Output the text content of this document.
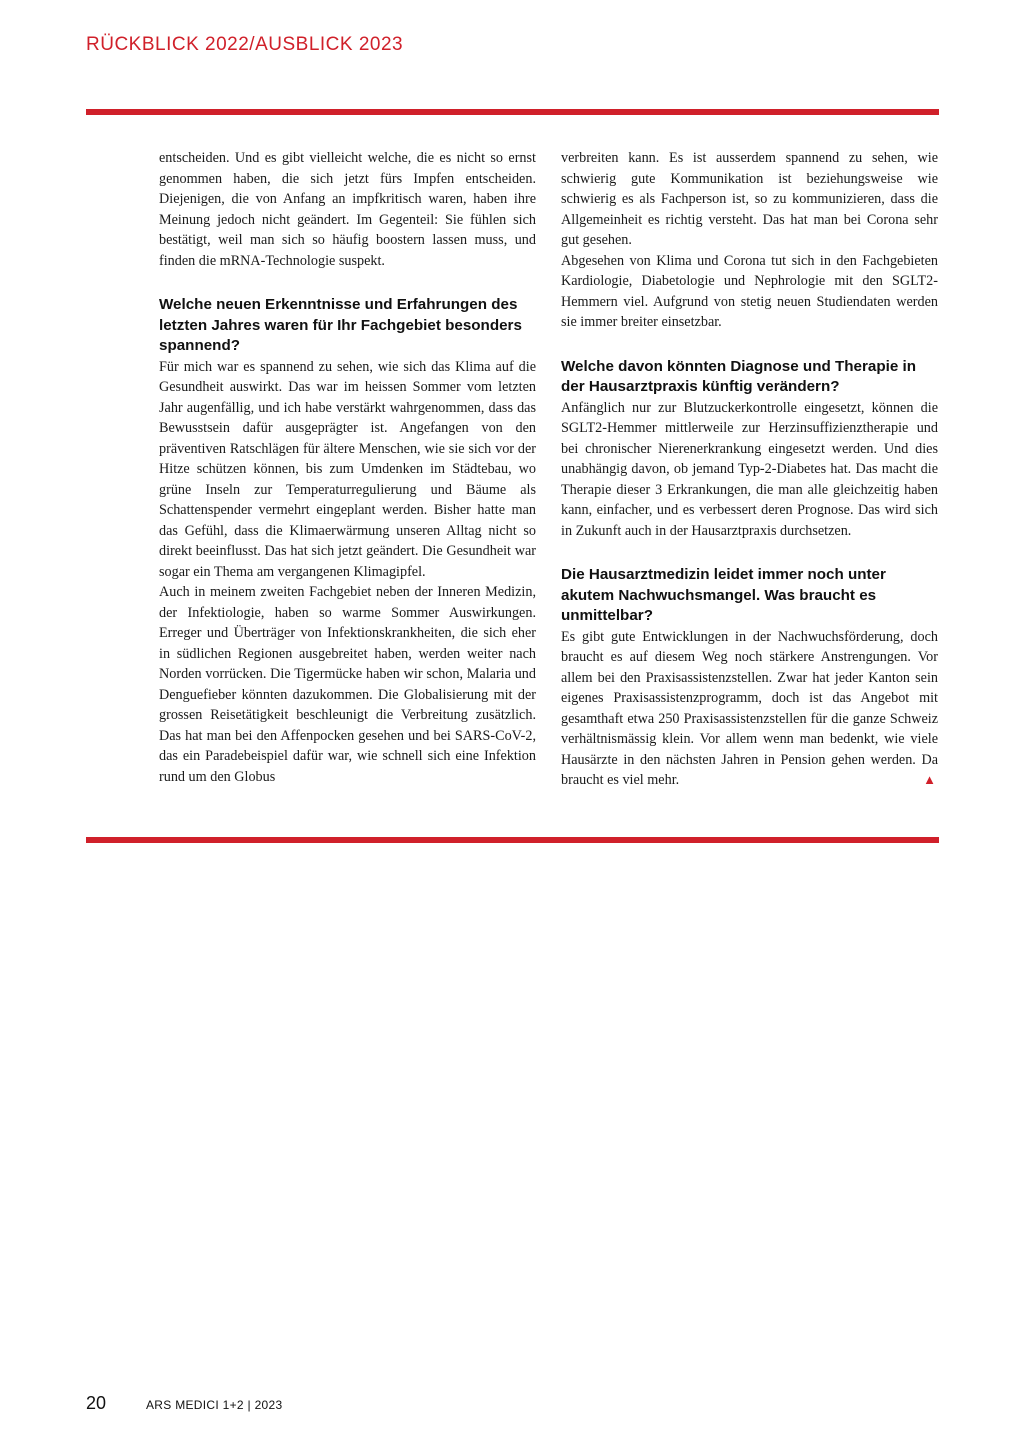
RÜCKBLICK 2022/AUSBLICK 2023

entscheiden. Und es gibt vielleicht welche, die es nicht so ernst genommen haben, die sich jetzt fürs Impfen entscheiden. Diejenigen, die von Anfang an impfkritisch waren, haben ihre Meinung jedoch nicht geändert. Im Gegenteil: Sie fühlen sich bestätigt, weil man sich so häufig boostern lassen muss, und finden die mRNA-Technologie suspekt.

Welche neuen Erkenntnisse und Erfahrungen des letzten Jahres waren für Ihr Fachgebiet besonders spannend?

Für mich war es spannend zu sehen, wie sich das Klima auf die Gesundheit auswirkt. Das war im heissen Sommer vom letzten Jahr augenfällig, und ich habe verstärkt wahrgenommen, dass das Bewusstsein dafür ausgeprägter ist. Angefangen von den präventiven Ratschlägen für ältere Menschen, wie sie sich vor der Hitze schützen können, bis zum Umdenken im Städtebau, wo grüne Inseln zur Temperaturregulierung und Bäume als Schattenspender vermehrt eingeplant werden. Bisher hatte man das Gefühl, dass die Klimaerwärmung unseren Alltag nicht so direkt beeinflusst. Das hat sich jetzt geändert. Die Gesundheit war sogar ein Thema am vergangenen Klimagipfel.

Auch in meinem zweiten Fachgebiet neben der Inneren Medizin, der Infektiologie, haben so warme Sommer Auswirkungen. Erreger und Überträger von Infektionskrankheiten, die sich eher in südlichen Regionen ausgebreitet haben, werden weiter nach Norden vorrücken. Die Tigermücke haben wir schon, Malaria und Denguefieber könnten dazukommen. Die Globalisierung mit der grossen Reisetätigkeit beschleunigt die Verbreitung zusätzlich. Das hat man bei den Affenpocken gesehen und bei SARS-CoV-2, das ein Paradebeispiel dafür war, wie schnell sich eine Infektion rund um den Globus

verbreiten kann. Es ist ausserdem spannend zu sehen, wie schwierig gute Kommunikation ist beziehungsweise wie schwierig es als Fachperson ist, so zu kommunizieren, dass die Allgemeinheit es richtig versteht. Das hat man bei Corona sehr gut gesehen.

Abgesehen von Klima und Corona tut sich in den Fachgebieten Kardiologie, Diabetologie und Nephrologie mit den SGLT2-Hemmern viel. Aufgrund von stetig neuen Studiendaten werden sie immer breiter einsetzbar.

Welche davon könnten Diagnose und Therapie in der Hausarztpraxis künftig verändern?

Anfänglich nur zur Blutzuckerkontrolle eingesetzt, können die SGLT2-Hemmer mittlerweile zur Herzinsuffizienztherapie und bei chronischer Nierenerkrankung eingesetzt werden. Und dies unabhängig davon, ob jemand Typ-2-Diabetes hat. Das macht die Therapie dieser 3 Erkrankungen, die man alle gleichzeitig haben kann, einfacher, und es verbessert deren Prognose. Das wird sich in Zukunft auch in der Hausarztpraxis durchsetzen.

Die Hausarztmedizin leidet immer noch unter akutem Nachwuchsmangel. Was braucht es unmittelbar?

Es gibt gute Entwicklungen in der Nachwuchsförderung, doch braucht es auf diesem Weg noch stärkere Anstrengungen. Vor allem bei den Praxisassistenzstellen. Zwar hat jeder Kanton sein eigenes Praxisassistenzprogramm, doch ist das Angebot mit gesamthaft etwa 250 Praxisassistenzstellen für die ganze Schweiz verhältnismässig klein. Vor allem wenn man bedenkt, wie viele Hausärzte in den nächsten Jahren in Pension gehen werden. Da braucht es viel mehr.	▲

20	ARS MEDICI 1+2 | 2023
